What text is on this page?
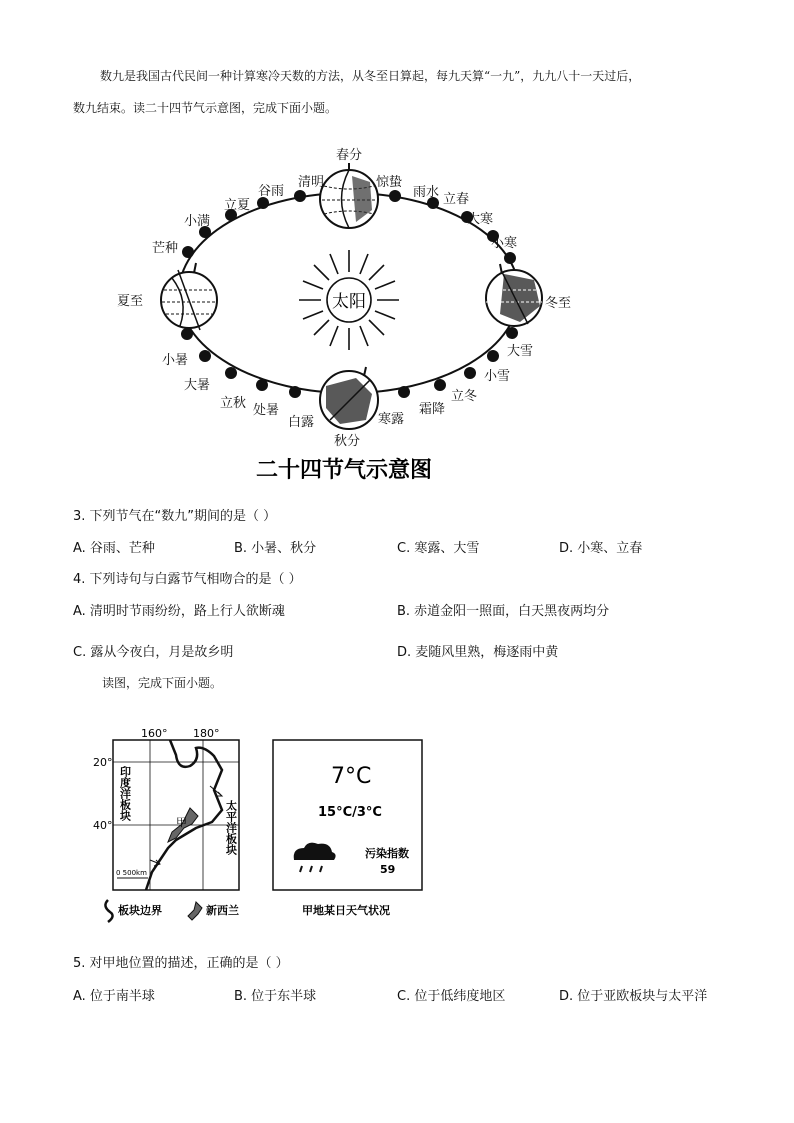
数九是我国古代民间一种计算寒冷天数的方法，从冬至日算起，每九天算“一九”，九九八十一天过后，
数九结束。读二十四节气示意图，完成下面小题。
太阳
春分
惊蛰
雨水 立春
大寒
小寒
冬至
大雪
小雪
立冬
霜降
寒露
秋分
白露
处暑
立秋
大暑
小暑
夏至
芒种
小满
立夏
谷雨
清明
二十四节气示意图
3. 下列节气在“数九”期间的是（ ）
A. 谷雨、芒种	B. 小暑、秋分	C. 寒露、大雪	D. 小寒、立春
4. 下列诗句与白露节气相吻合的是（ ）
A. 清明时节雨纷纷，路上行人欲断魂	B. 赤道金阳一照面，白天黑夜两均分
C. 露从今夜白，月是故乡明	D. 麦随风里熟，梅逐雨中黄
读图，完成下面小题。
160° 180°
20°
40°	甲
印度洋板块
太平洋板块
0 500km
板块边界	新西兰
7°C
15°C/3°C
污染指数
59
甲地某日天气状况
5. 对甲地位置的描述，正确的是（ ）
A. 位于南半球	B. 位于东半球	C. 位于低纬度地区	D. 位于亚欧板块与太平洋
